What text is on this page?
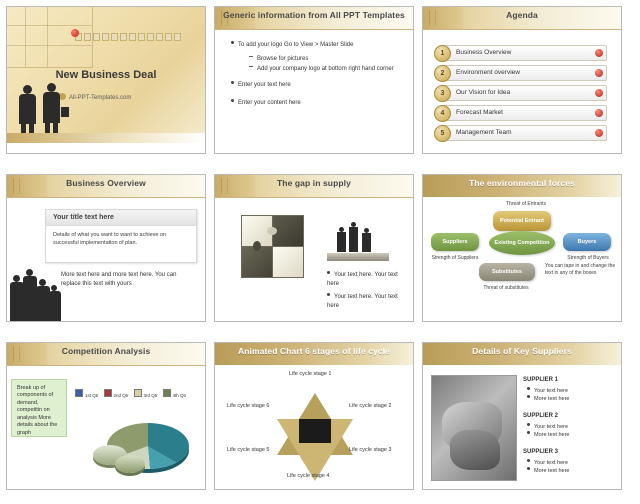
New Business Deal
All-PPT-Templates.com
Generic information from All PPT Templates
To add your logo Go to View > Master Slide
Browse for pictures
Add your company logo at bottom right hand corner
Enter your text here
Enter your content here
Agenda
1	Business Overview
2	Environment overview
3	Our Vision for Idea
4	Forecast Market
5	Management Team
Business Overview
Your title text here
Details of what you want to want to achieve on successful implementation of plan.
More text here and more text here. You can replace this text with yours
The gap in supply
Your text here. Your text here
Your text here. Your text here
The environmental forces
Threat of Entrants
Potential Entrant
Existing Competition
Suppliers	Buyers
Substitutes
Strength of Suppliers	Strength of Buyers
Threat of substitutes
You can tape in and change the text in any of the boxes
Competition Analysis
Break up of components of demand, competitin on analysis More details about the graph
1st Qtr	2nd Qtr	3rd Qtr	4th Qtr
Animated Chart 6 stages of life cycle
Life cycle stage 1
Life cycle stage 2
Life cycle stage 3
Life cycle stage 4
Life cycle stage 5
Life cycle stage 6
Details of Key Suppliers
SUPPLIER 1
Your text here
More text here
SUPPLIER 2
Your text here
More text here
SUPPLIER 3
Your text here
More text here
